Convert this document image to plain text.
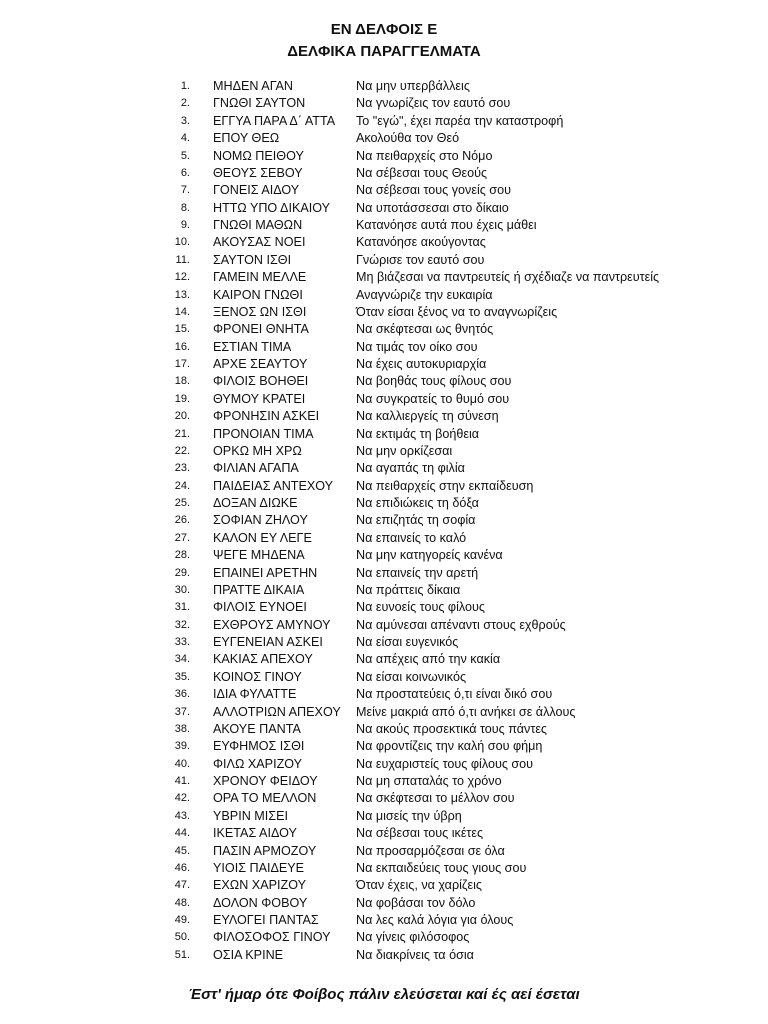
ΕΝ ΔΕΛΦΟΙΣ Ε
ΔΕΛΦΙΚΑ ΠΑΡΑΓΓΕΛΜΑΤΑ
1. ΜΗΔΕΝ ΑΓΑΝ	Να μην υπερβάλλεις
2. ΓΝΩΘΙ ΣΑΥΤΟΝ	Να γνωρίζεις τον εαυτό σου
3. ΕΓΓΥΑ ΠΑΡΑ Δ΄ ΑΤΤΑ Το "εγώ", έχει παρέα την καταστροφή
4. ΕΠΟΥ ΘΕΩ	Ακολούθα τον Θεό
5. ΝΟΜΩ ΠΕΙΘΟΥ	Να πειθαρχείς στο Νόμο
6. ΘΕΟΥΣ ΣΕΒΟΥ	Να σέβεσαι τους Θεούς
7. ΓΟΝΕΙΣ ΑΙΔΟΥ	Να σέβεσαι τους γονείς σου
8. ΗΤΤΩ ΥΠΟ ΔΙΚΑΙΟΥ Να υποτάσσεσαι στο δίκαιο
9. ΓΝΩΘΙ ΜΑΘΩΝ	Κατανόησε αυτά που έχεις μάθει
10. ΑΚΟΥΣΑΣ ΝΟΕΙ	Κατανόησε ακούγοντας
11. ΣΑΥΤΟΝ ΙΣΘΙ	Γνώρισε τον εαυτό σου
12. ΓΑΜΕΙΝ ΜΕΛΛΕ	Μη βιάζεσαι να παντρευτείς ή σχέδιαζε να παντρευτείς
13. ΚΑΙΡΟΝ ΓΝΩΘΙ	Αναγνώριζε την ευκαιρία
14. ΞΕΝΟΣ ΩΝ ΙΣΘΙ	Όταν είσαι ξένος να το αναγνωρίζεις
15. ΦΡΟΝΕΙ ΘΝΗΤΑ	Να σκέφτεσαι ως θνητός
16. ΕΣΤΙΑΝ ΤΙΜΑ	Να τιμάς τον οίκο σου
17. ΑΡΧΕ ΣΕΑΥΤΟΥ	Να έχεις αυτοκυριαρχία
18. ΦΙΛΟΙΣ ΒΟΗΘΕΙ	Να βοηθάς τους φίλους σου
19. ΘΥΜΟΥ ΚΡΑΤΕΙ	Να συγκρατείς το θυμό σου
20. ΦΡΟΝΗΣΙΝ ΑΣΚΕΙ	Να καλλιεργείς τη σύνεση
21. ΠΡΟΝΟΙΑΝ ΤΙΜΑ	Να εκτιμάς τη βοήθεια
22. ΟΡΚΩ ΜΗ ΧΡΩ	Να μην ορκίζεσαι
23. ΦΙΛΙΑΝ ΑΓΑΠΑ	Να αγαπάς τη φιλία
24. ΠΑΙΔΕΙΑΣ ΑΝΤΕΧΟΥ Να πειθαρχείς στην εκπαίδευση
25. ΔΟΞΑΝ ΔΙΩΚΕ	Να επιδιώκεις τη δόξα
26. ΣΟΦΙΑΝ ΖΗΛΟΥ	Να επιζητάς τη σοφία
27. ΚΑΛΟΝ ΕΥ ΛΕΓΕ	Να επαινείς το καλό
28. ΨΕΓΕ ΜΗΔΕΝΑ	Να μην κατηγορείς κανένα
29. ΕΠΑΙΝΕΙ ΑΡΕΤΗΝ	Να επαινείς την αρετή
30. ΠΡΑΤΤΕ ΔΙΚΑΙΑ	Να πράττεις δίκαια
31. ΦΙΛΟΙΣ ΕΥΝΟΕΙ	Να ευνοείς τους φίλους
32. ΕΧΘΡΟΥΣ ΑΜΥΝΟΥ Να αμύνεσαι απέναντι στους εχθρούς
33. ΕΥΓΕΝΕΙΑΝ ΑΣΚΕΙ	Να είσαι ευγενικός
34. ΚΑΚΙΑΣ ΑΠΕΧΟΥ	Να απέχεις από την κακία
35. ΚΟΙΝΟΣ ΓΙΝΟΥ	Να είσαι κοινωνικός
36. ΙΔΙΑ ΦΥΛΑΤΤΕ	Να προστατεύεις ό,τι είναι δικό σου
37. ΑΛΛΟΤΡΙΩΝ ΑΠΕΧΟΥ Μείνε μακριά από ό,τι ανήκει σε άλλους
38. ΑΚΟΥΕ ΠΑΝΤΑ	Να ακούς προσεκτικά τους πάντες
39. ΕΥΦΗΜΟΣ ΙΣΘΙ	Να φροντίζεις την καλή σου φήμη
40. ΦΙΛΩ ΧΑΡΙΖΟΥ	Να ευχαριστείς τους φίλους σου
41. ΧΡΟΝΟΥ ΦΕΙΔΟΥ	Να μη σπαταλάς το χρόνο
42. ΟΡΑ ΤΟ ΜΕΛΛΟΝ	Να σκέφτεσαι το μέλλον σου
43. ΥΒΡΙΝ ΜΙΣΕΙ	Να μισείς την ύβρη
44. ΙΚΕΤΑΣ ΑΙΔΟΥ	Να σέβεσαι τους ικέτες
45. ΠΑΣΙΝ ΑΡΜΟΖΟΥ	Να προσαρμόζεσαι σε όλα
46. ΥΙΟΙΣ ΠΑΙΔΕΥΕ	Να εκπαιδεύεις τους γιους σου
47. ΕΧΩΝ ΧΑΡΙΖΟΥ	Όταν έχεις, να χαρίζεις
48. ΔΟΛΟΝ ΦΟΒΟΥ	Να φοβάσαι τον δόλο
49. ΕΥΛΟΓΕΙ ΠΑΝΤΑΣ	Να λες καλά λόγια για όλους
50. ΦΙΛΟΣΟΦΟΣ ΓΙΝΟΥ Να γίνεις φιλόσοφος
51. ΟΣΙΑ ΚΡΙΝΕ	Να διακρίνεις τα όσια
Έστ' ήμαρ ότε Φοίβος πάλιν ελεύσεται καί ές αεί έσεται
